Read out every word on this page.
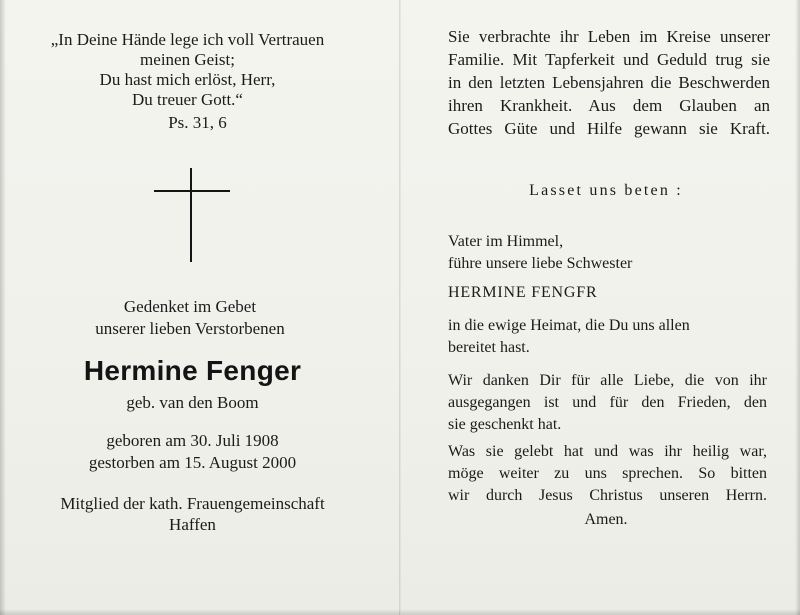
„In Deine Hände lege ich voll Vertrauen
meinen Geist;
Du hast mich erlöst, Herr,
Du treuer Gott.“

Ps. 31, 6

Gedenket im Gebet
unserer lieben Verstorbenen

Hermine Fenger

geb. van den Boom

geboren am 30. Juli 1908
gestorben am 15. August 2000

Mitglied der kath. Frauengemeinschaft
Haffen

Sie verbrachte ihr Leben im Kreise unserer
Familie. Mit Tapferkeit und Geduld trug sie
in den letzten Lebensjahren die Beschwerden
ihren Krankheit. Aus dem Glauben an
Gottes Güte und Hilfe gewann sie Kraft.

Lasset uns beten :

Vater im Himmel,
führe unsere liebe Schwester

HERMINE FENGFR

in die ewige Heimat, die Du uns allen
bereitet hast.

Wir danken Dir für alle Liebe, die von ihr
ausgegangen ist und für den Frieden, den
sie geschenkt hat.

Was sie gelebt hat und was ihr heilig war,
möge weiter zu uns sprechen. So bitten
wir durch Jesus Christus unseren Herrn.

Amen.
